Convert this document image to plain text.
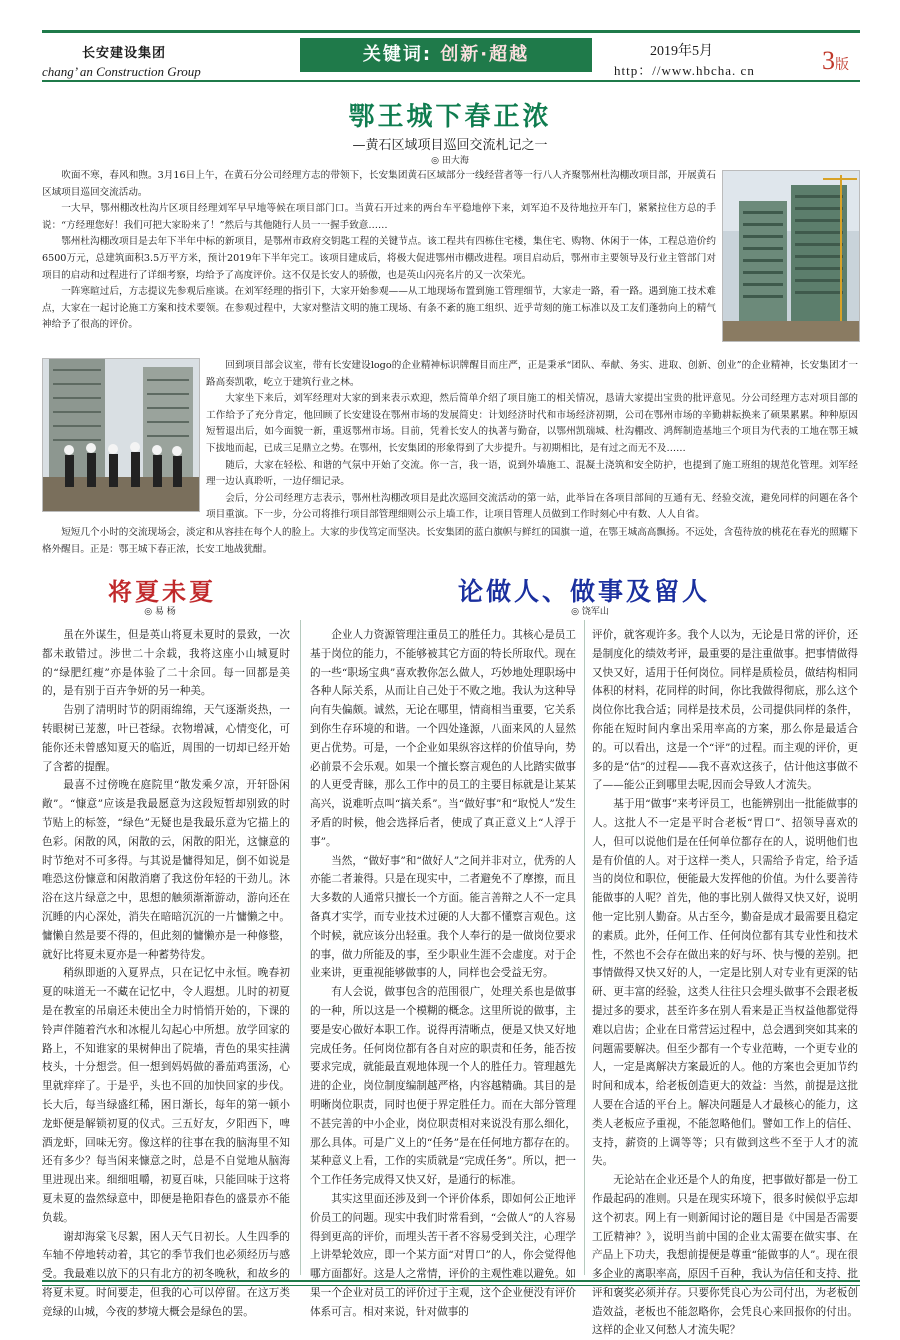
长安建设集团
chang’ an Construction Group
关键词: 创新·超越	2019年5月
http：//www.hbcha. cn	3版
鄂王城下春正浓
—黄石区域项目巡回交流札记之一
◎ 田大海

吹面不寒，春风和煦。3月16日上午，在黄石分公司经理方志的带领下，长安集团黄石区域部分一线经营者等一行八人齐聚鄂州杜沟棚改项目部，开展黄石区域项目巡回交流活动。

一大早，鄂州棚改杜沟片区项目经理刘军早早地等候在项目部门口。当黄石开过来的两台车平稳地停下来，刘军迫不及待地拉开车门，紧紧拉住方总的手说：“方经理您好！我们可把大家盼来了！”然后与其他随行人员一一握手致意……

鄂州杜沟棚改项目是去年下半年中标的新项目，是鄂州市政府交钥匙工程的关键节点。该工程共有四栋住宅楼，集住宅、购物、休闲于一体，工程总造价约6500万元，总建筑面积3.5万平方米，预计2019年下半年完工。该项目建成后，将极大促进鄂州市棚改进程。项目启动后，鄂州市主要领导及行业主管部门对项目的启动和过程进行了详细考察，均给予了高度评价。这不仅是长安人的骄傲，也是英山闪亮名片的又一次荣光。

一阵寒暄过后，方志提议先参观后座谈。在刘军经理的指引下，大家开始参观——从工地现场布置到施工管理细节，大家走一路，看一路。遇到施工技术难点，大家在一起讨论施工方案和技术要领。在参观过程中，大家对整洁文明的施工现场、有条不紊的施工组织、近乎苛刻的施工标准以及工友们蓬勃向上的精气神给予了很高的评价。

回到项目部会议室，带有长安建设logo的企业精神标识牌醒目而庄严，正是秉承“团队、奉献、务实、进取、创新、创业”的企业精神，长安集团才一路高奏凯歌，屹立于建筑行业之林。

大家坐下来后，刘军经理对大家的到来表示欢迎，然后简单介绍了项目施工的相关情况，恳请大家提出宝贵的批评意见。分公司经理方志对项目部的工作给予了充分肯定，他回顾了长安建设在鄂州市场的发展简史：计划经济时代和市场经济初期，公司在鄂州市场的辛勤耕耘换来了硕果累累。种种原因短暂退出后，如今面貌一新，重返鄂州市场。目前，凭着长安人的执著与勤奋，以鄂州凯瑞城、杜沟棚改、鸿辉制造基地三个项目为代表的工地在鄂王城下拔地而起，已成三足鼎立之势。在鄂州，长安集团的形象得到了大步提升。与初期相比，是有过之而无不及……

随后，大家在轻松、和谐的气氛中开始了交流。你一言，我一语，说到外墙施工、混凝土浇筑和安全防护，也提到了施工班组的规范化管理。刘军经理一边认真聆听，一边仔细记录。

会后，分公司经理方志表示，鄂州杜沟棚改项目是此次巡回交流活动的第一站，此举旨在各项目部间的互通有无、经验交流，避免同样的问题在各个项目重演。下一步，分公司将推行项目部管理细则公示上墙工作，让项目管理人员做到工作时刻心中有数、人人自省。

短短几个小时的交流现场会，淡定和从容挂在每个人的脸上。大家的步伐笃定而坚决。长安集团的蓝白旗帜与鲜红的国旗一道，在鄂王城高高飘扬。不远处，含苞待放的桃花在春光的照耀下格外醒目。正是：鄂王城下春正浓，长安工地战犹酣。

将夏未夏
◎ 易 杨
论做人、做事及留人
◎ 饶军山

虽在外谋生，但是英山将夏未夏时的景致，一次都未敢错过。涉世二十余载，我将这座小山城夏时的“绿肥红瘦”亦是体验了二十余回。每一回都是美的，是有别于百卉争妍的另一种美。

告别了清明时节的阴雨绵绵，天气逐渐炎热，一转眼树已茏葱，叶已苍绿。衣物增减，心情变化，可能你还未曾感知夏天的临近，周围的一切却已经开始了含蓄的提醒。

最喜不过傍晚在庭院里“散发乘夕凉，开轩卧闲敞”。“慷意”应该是我最愿意为这段短暂却别致的时节贴上的标签，“绿色”无疑也是我最乐意为它描上的色彩。闲散的风，闲散的云，闲散的阳光，这慷意的时节绝对不可多得。与其说是慵得知足，倒不如说是唯恐这份慷意和闲散消磨了我这份年轻的干劲儿。沐浴在这片绿意之中，思想的触须渐渐游动，游向还在沉睡的内心深处，消失在暗暗沉沉的一片慵懒之中。慵懒自然是要不得的，但此刻的慵懒亦是一种修整，就好比将夏未夏亦是一种蓄势待发。

稍纵即逝的入夏界点，只在记忆中永恒。晚春初夏的味道无一不藏在记忆中，令人遐想。儿时的初夏是在教室的吊扇还未使出全力时悄悄开始的，下课的铃声伴随着汽水和冰棍儿勾起心中所想。放学回家的路上，不知谁家的果树伸出了院墙，青色的果实挂满枝头，十分想尝。但一想到妈妈做的番茄鸡蛋汤，心里就痒痒了。于是乎，头也不回的加快回家的步伐。长大后，每当绿盛红稀，困日渐长，每年的第一顿小龙虾便是解锁初夏的仪式。三五好友，夕阳西下，啤酒龙虾，回味无穷。像这样的往事在我的脑海里不知还有多少？每当闲来慷意之时，总是不自觉地从脑海里进现出来。细细咀嚼，初夏百味，只能回味于这将夏未夏的盎然绿意中，即便是艳阳春色的盛景亦不能负载。

谢却海棠飞尽絮，困人天气日初长。人生四季的车轴不停地转动着，其它的季节我们也必须经历与感受。我最难以放下的只有北方的初冬晚秋，和故乡的将夏未夏。时间要走，但我的心可以停留。在这万类竞绿的山城，今夜的梦境大概会是绿色的罢。

企业人力资源管理注重员工的胜任力。其核心是员工基于岗位的能力，不能够被其它方面的特长所取代。现在的一些“职场宝典”喜欢教你怎么做人，巧妙地处理职场中各种人际关系，从而让自己处于不败之地。我认为这种导向有失偏颇。诚然，无论在哪里，情商相当重要，它关系到你生存环境的和谐。一个四处逢源，八面来风的人显然更占优势。可是，一个企业如果纵容这样的价值导向，势必前景不会乐观。如果一个擅长察言观色的人比踏实做事的人更受青睐，那么工作中的员工的主要目标就是让某某高兴，说难听点叫“搞关系”。当“做好事”和“取悦人”发生矛盾的时候，他会选择后者，使成了真正意义上“人浮于事”。

当然，“做好事”和“做好人”之间并非对立，优秀的人亦能二者兼得。只是在现实中，二者避免不了摩擦，而且大多数的人通常只擅长一个方面。能言善辩之人不一定具备真才实学，而专业技术过硬的人大都不懂察言观色。这个时候，就应该分出轻重。我个人奉行的是一做岗位要求的事，做力所能及的事，至少职业生涯不会虚度。对于企业来讲，更重视能够做事的人，同样也会受益无穷。

有人会说，做事包含的范围很广，处理关系也是做事的一种，所以这是一个模糊的概念。这里所说的做事，主要是安心做好本职工作。说得再清晰点，便是又快又好地完成任务。任何岗位都有各自对应的职责和任务，能否按要求完成，就能最直观地体现一个人的胜任力。管理越先进的企业，岗位制度编制越严格，内容越精确。其目的是明晰岗位职责，同时也便于界定胜任力。而在大部分管理不甚完善的中小企业，岗位职责相对来说没有那么细化，那么具体。可是广义上的“任务”是在任何地方都存在的。某种意义上看，工作的实质就是“完成任务”。所以，把一个工作任务完成得又快又好，是通行的标准。

其实这里面还涉及到一个评价体系，即如何公正地评价员工的问题。现实中我们时常看到，“会做人”的人容易得到更高的评价，而埋头苦干者不容易受到关注，心理学上讲晕轮效应，即一个某方面“对胃口”的人，你会觉得他哪方面都好。这是人之常情，评价的主观性难以避免。如果一个企业对员工的评价过于主观，这个企业便没有评价体系可言。相对来说，针对做事的

评价，就客观许多。我个人以为，无论是日常的评价，还是制度化的绩效考评，最重要的是注重做事。把事情做得又快又好，适用于任何岗位。同样是质检员，做结构相同体积的材料，花同样的时间，你比我做得彻底，那么这个岗位你比我合适；同样是技术员，公司提供同样的条件，你能在短时间内拿出采用率高的方案，那么你是最适合的。可以看出，这是一个“评”的过程。而主观的评价，更多的是“估”的过程——我不喜欢这孩子，估计他这事做不了——能公正到哪里去呢,因而会导致人才流失。

基于用“做事”来考评员工，也能辨别出一批能做事的人。这批人不一定是平时合老板“胃口”、招领导喜欢的人，但可以说他们是在任何单位都存在的人，说明他们也是有价值的人。对于这样一类人，只需给予肯定，给予适当的岗位和职位，便能最大发挥他的价值。为什么要善待能做事的人呢？首先，他的事比别人做得又快又好，说明他一定比别人勤奋。从古至今，勤奋是成才最需要且稳定的素质。此外，任何工作、任何岗位都有其专业性和技术性，不然也不会存在做出来的好与坏、快与慢的差别。把事情做得又快又好的人，一定是比别人对专业有更深的钻研、更丰富的经验，这类人往往只会埋头做事不会跟老板提过多的要求，甚至许多在别人看来是正当权益他都觉得难以启齿；企业在日常营运过程中，总会遇到突如其来的问题需要解决。但至少都有一个专业范畴，一个更专业的人，一定是离解决方案最近的人。他的方案也会更加节约时间和成本，给老板创造更大的效益：当然，前提是这批人要在合适的平台上。解决问题是人才最核心的能力，这类人老板应予重视，不能忽略他们。譬如工作上的信任、支持，薪资的上调等等；只有做到这些不至于人才的流失。

无论站在企业还是个人的角度，把事做好都是一份工作最起码的准则。只是在现实环境下，很多时候似乎忘却这个初衷。网上有一则新闻讨论的题目是《中国是否需要工匠精神？》，说明当前中国的企业太需要在做实事、在产品上下功夫，我想前提便是尊重“能做事的人”。现在很多企业的离职率高，原因千百种，我认为信任和支持、批评和褒奖必须并存。只要你凭良心为公司付出，为老板创造效益，老板也不能忽略你，会凭良心来回报你的付出。这样的企业又何愁人才流失呢？
